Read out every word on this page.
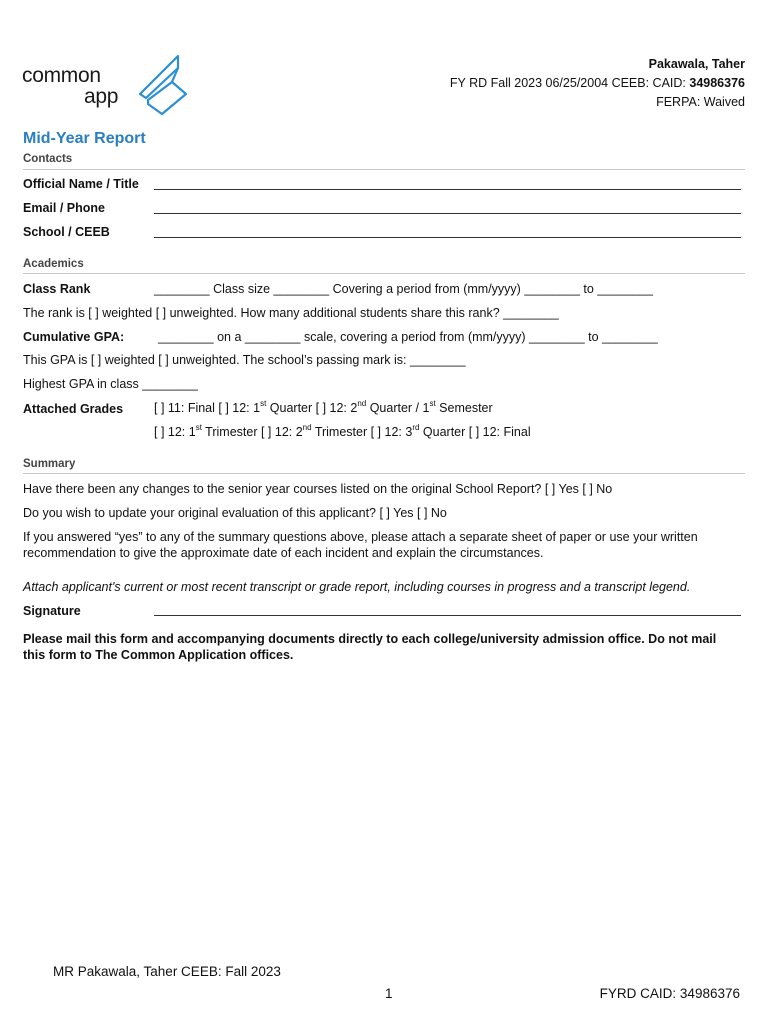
common
app
Pakawala, Taher
FY RD Fall 2023 06/25/2004 CEEB: CAID: 34986376
FERPA: Waived
Mid-Year Report
Contacts
Official Name / Title
Email / Phone
School / CEEB
Academics
Class Rank	________ Class size ________ Covering a period from (mm/yyyy) ________ to ________
The rank is [ ] weighted [ ] unweighted. How many additional students share this rank? ________
Cumulative GPA:	________ on a ________ scale, covering a period from (mm/yyyy) ________ to ________
This GPA is [ ] weighted [ ] unweighted. The school’s passing mark is: ________
Highest GPA in class ________
Attached Grades [ ] 11: Final [ ] 12: 1st Quarter [ ] 12: 2nd Quarter / 1st Semester
[ ] 12: 1st Trimester [ ] 12: 2nd Trimester [ ] 12: 3rd Quarter [ ] 12: Final
Summary
Have there been any changes to the senior year courses listed on the original School Report? [ ] Yes [ ] No
Do you wish to update your original evaluation of this applicant? [ ] Yes [ ] No
If you answered “yes” to any of the summary questions above, please attach a separate sheet of paper or use your written recommendation to give the approximate date of each incident and explain the circumstances.
Attach applicant's current or most recent transcript or grade report, including courses in progress and a transcript legend.
Signature
Please mail this form and accompanying documents directly to each college/university admission office. Do not mail this form to The Common Application offices.
MR Pakawala, Taher CEEB: Fall 2023
1	FYRD CAID: 34986376
